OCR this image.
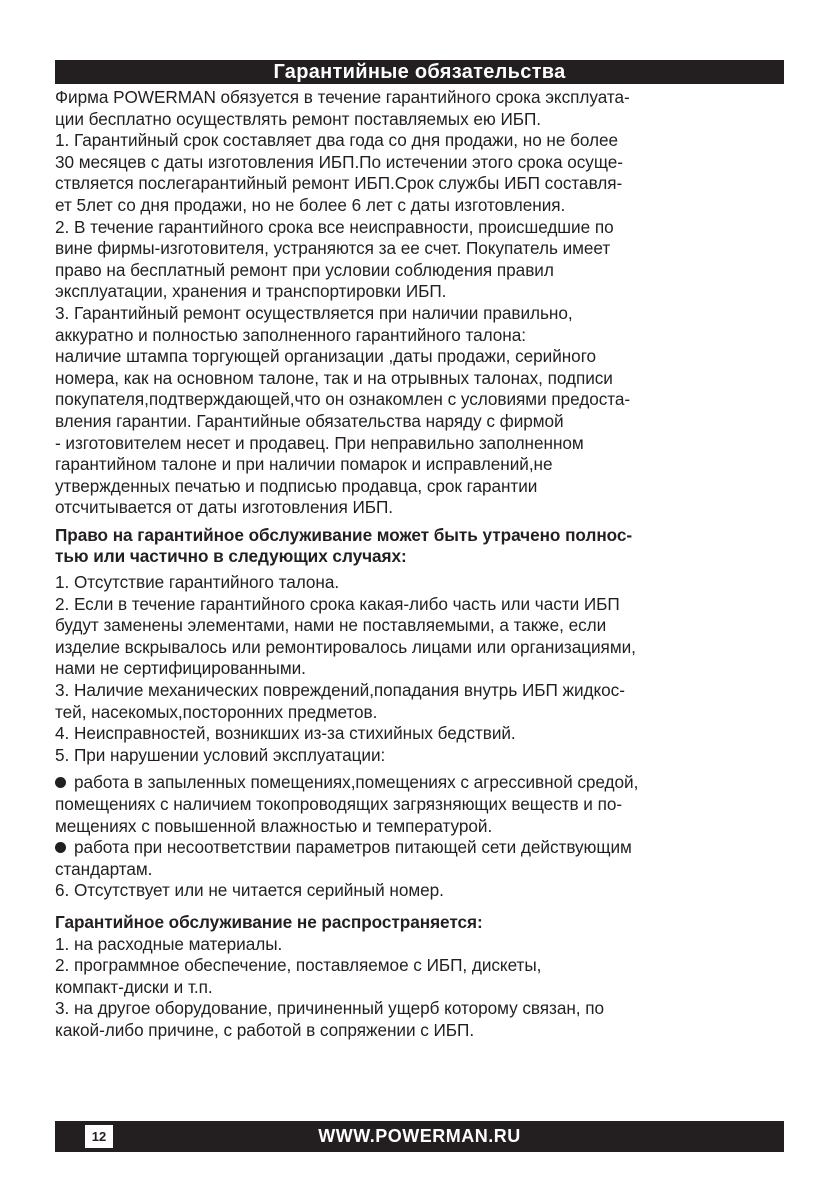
Гарантийные обязательства
Фирма POWERMAN обязуется в течение гарантийного срока эксплуата-
ции бесплатно осуществлять ремонт поставляемых ею ИБП.
1. Гарантийный срок составляет два года со дня продажи, но не более
30 месяцев с даты изготовления ИБП.По истечении этого срока осуще-
ствляется послегарантийный ремонт ИБП.Срок службы ИБП составля-
ет 5лет со дня продажи, но не более 6 лет с даты изготовления.
2. В течение гарантийного срока все неисправности, происшедшие по
вине фирмы-изготовителя, устраняются за ее счет. Покупатель имеет
право на бесплатный ремонт при условии соблюдения правил
эксплуатации, хранения и транспортировки ИБП.
3. Гарантийный ремонт осуществляется при наличии правильно,
аккуратно и полностью заполненного гарантийного талона:
наличие штампа торгующей организации ,даты продажи, серийного
номера, как на основном талоне, так и на отрывных талонах, подписи
покупателя,подтверждающей,что он ознакомлен с условиями предоста-
вления гарантии. Гарантийные обязательства наряду с фирмой
- изготовителем несет и продавец. При неправильно заполненном
гарантийном талоне и при наличии помарок и исправлений,не
утвержденных печатью и подписью продавца, срок гарантии
отсчитывается от даты изготовления ИБП.
Право на гарантийное обслуживание может быть утрачено полнос-
тью или частично в следующих случаях:
1. Отсутствие гарантийного талона.
2. Если в течение гарантийного срока какая-либо часть или части ИБП
будут заменены элементами, нами не поставляемыми, а также, если
изделие вскрывалось или ремонтировалось лицами или организациями,
нами не сертифицированными.
3. Наличие механических повреждений,попадания внутрь ИБП жидкос-
тей, насекомых,посторонних предметов.
4. Неисправностей, возникших из-за стихийных бедствий.
5. При нарушении условий эксплуатации:
работа в запыленных помещениях,помещениях с агрессивной средой,
помещениях с наличием токопроводящих загрязняющих веществ и по-
мещениях с повышенной влажностью и температурой.
работа при несоответствии параметров питающей сети действующим
стандартам.
6. Отсутствует или не читается серийный номер.
Гарантийное обслуживание не распространяется:
1. на расходные материалы.
2. программное обеспечение, поставляемое с ИБП, дискеты,
компакт-диски и т.п.
3. на другое оборудование, причиненный ущерб которому связан, по
какой-либо причине, с работой в сопряжении с ИБП.
12	WWW.POWERMAN.RU
